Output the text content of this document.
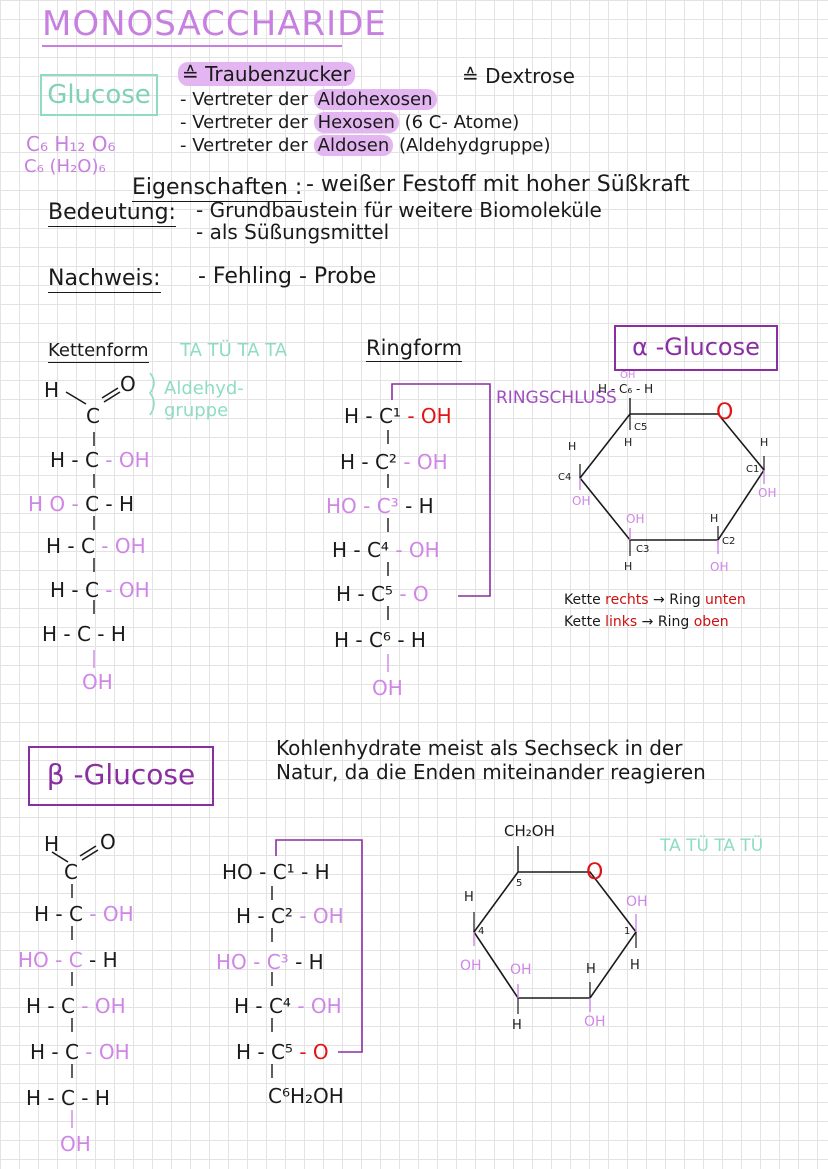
MONOSACCHARIDE
Glucose
C₆ H₁₂ O₆
C₆ (H₂O)₆
≙ Traubenzucker	≙ Dextrose
- Vertreter der Aldohexosen
- Vertreter der Hexosen (6 C- Atome)
- Vertreter der Aldosen (Aldehydgruppe)
Eigenschaften : - weißer Festoff mit hoher Süßkraft
Bedeutung: - Grundbaustein für weitere Biomoleküle
- als Süßungsmittel
Nachweis: - Fehling - Probe
Kettenform TA TÜ TA TA	Ringform	α -Glucose
H	O
C
Aldehyd-
gruppe
H - C - OH
H O - C - H
H - C - OH
H - C - OH
H - C - H
OH
H - C¹ - OH
H - C² - OH
HO - C³ - H
H - C⁴ - OH
H - C⁵ - O
H - C⁶ - H
OH
RINGSCHLUSS
OH
H - C₆ - H
O
C5
H
H
C4
OH
H
C1
OH
OH	H
C3
C2
H	OH
Kette rechts → Ring unten
Kette links → Ring oben
β -Glucose
Kohlenhydrate meist als Sechseck in der
Natur, da die Enden miteinander reagieren
TA TÜ TA TÜ
H O
C
H - C - OH
HO - C - H
H - C - OH
H - C - OH
H - C - H
OH
HO - C¹ - H
H - C² - OH
HO - C³ - H
H - C⁴ - OH
H - C⁵ - O
C⁶H₂OH
CH₂OH
O
H
5
4	1
OH
OH OH	H	H
H	OH
